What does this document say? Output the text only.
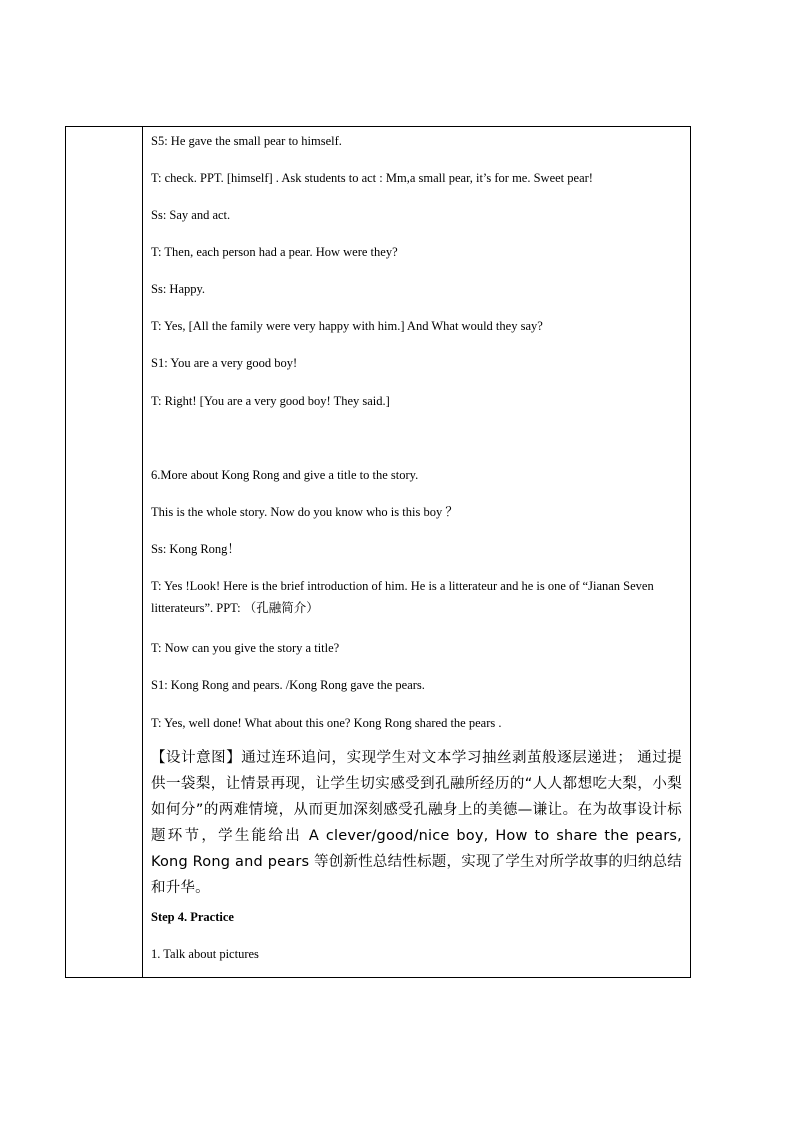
S5: He gave the small pear to himself.
T: check. PPT. [himself] . Ask students to act : Mm,a small pear, it’s for me. Sweet pear!
Ss: Say and act.
T: Then, each person had a pear. How were they?
Ss: Happy.
T: Yes, [All the family were very happy with him.] And What would they say?
S1: You are a very good boy!
T: Right! [You are a very good boy! They said.]
6.More about Kong Rong and give a title to the story.
This is the whole story. Now do you know who is this boy ？
Ss: Kong Rong！
T: Yes !Look! Here is the brief introduction of him. He is a litterateur and he is one of “Jianan Seven litterateurs”. PPT: （孔融简介）
T: Now can you give the story a title?
S1: Kong Rong and pears. /Kong Rong gave the pears.
T: Yes, well done! What about this one? Kong Rong shared the pears .
【设计意图】通过连环追问，实现学生对文本学习抽丝剥茧般逐层递进； 通过提供一袋梨，让情景再现，让学生切实感受到孔融所经历的“人人都想吃大梨，小梨如何分”的两难情境，从而更加深刻感受孔融身上的美德—谦让。在为故事设计标题环节，学生能给出 A clever/good/nice boy, How to share the pears, Kong Rong and pears 等创新性总结性标题，实现了学生对所学故事的归纳总结和升华。
Step 4. Practice
1. Talk about pictures
